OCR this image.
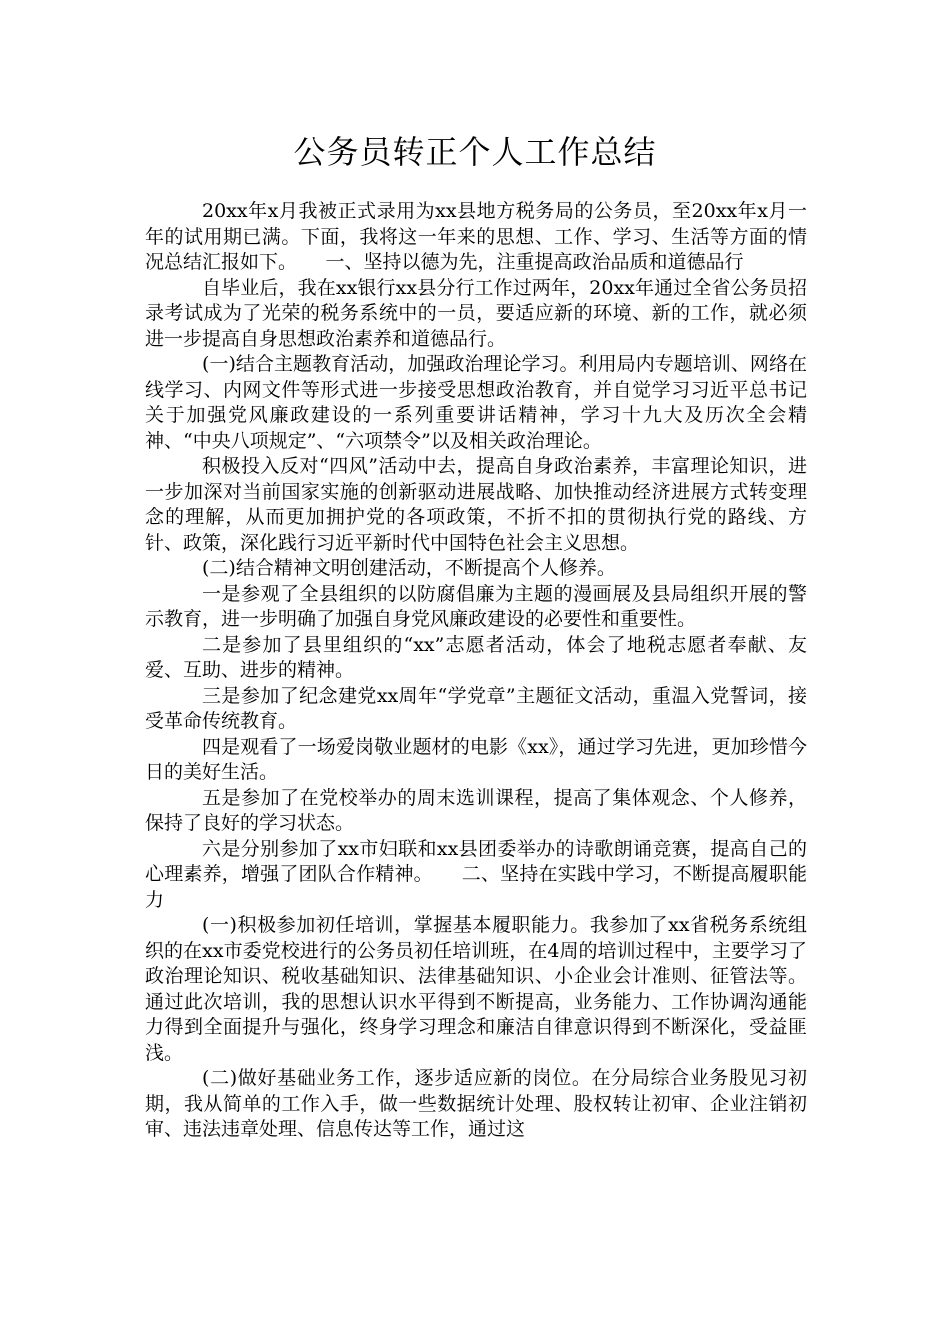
公务员转正个人工作总结

20xx年x月我被正式录用为xx县地方税务局的公务员，至20xx年x月一年的试用期已满。下面，我将这一年来的思想、工作、学习、生活等方面的情况总结汇报如下。　　一、坚持以德为先，注重提高政治品质和道德品行

自毕业后，我在xx银行xx县分行工作过两年，20xx年通过全省公务员招录考试成为了光荣的税务系统中的一员，要适应新的环境、新的工作，就必须进一步提高自身思想政治素养和道德品行。

(一)结合主题教育活动，加强政治理论学习。利用局内专题培训、网络在线学习、内网文件等形式进一步接受思想政治教育，并自觉学习习近平总书记关于加强党风廉政建设的一系列重要讲话精神，学习十九大及历次全会精神、“中央八项规定”、“六项禁令”以及相关政治理论。

积极投入反对“四风”活动中去，提高自身政治素养，丰富理论知识，进一步加深对当前国家实施的创新驱动进展战略、加快推动经济进展方式转变理念的理解，从而更加拥护党的各项政策，不折不扣的贯彻执行党的路线、方针、政策，深化践行习近平新时代中国特色社会主义思想。

(二)结合精神文明创建活动，不断提高个人修养。

一是参观了全县组织的以防腐倡廉为主题的漫画展及县局组织开展的警示教育，进一步明确了加强自身党风廉政建设的必要性和重要性。

二是参加了县里组织的“xx”志愿者活动，体会了地税志愿者奉献、友爱、互助、进步的精神。

三是参加了纪念建党xx周年“学党章”主题征文活动，重温入党誓词，接受革命传统教育。

四是观看了一场爱岗敬业题材的电影《xx》，通过学习先进，更加珍惜今日的美好生活。

五是参加了在党校举办的周末选训课程，提高了集体观念、个人修养，保持了良好的学习状态。

六是分别参加了xx市妇联和xx县团委举办的诗歌朗诵竞赛，提高自己的心理素养，增强了团队合作精神。　　二、坚持在实践中学习，不断提高履职能力

(一)积极参加初任培训，掌握基本履职能力。我参加了xx省税务系统组织的在xx市委党校进行的公务员初任培训班，在4周的培训过程中，主要学习了政治理论知识、税收基础知识、法律基础知识、小企业会计准则、征管法等。通过此次培训，我的思想认识水平得到不断提高，业务能力、工作协调沟通能力得到全面提升与强化，终身学习理念和廉洁自律意识得到不断深化，受益匪浅。

(二)做好基础业务工作，逐步适应新的岗位。在分局综合业务股见习初期，我从简单的工作入手，做一些数据统计处理、股权转让初审、企业注销初审、违法违章处理、信息传达等工作，通过这
